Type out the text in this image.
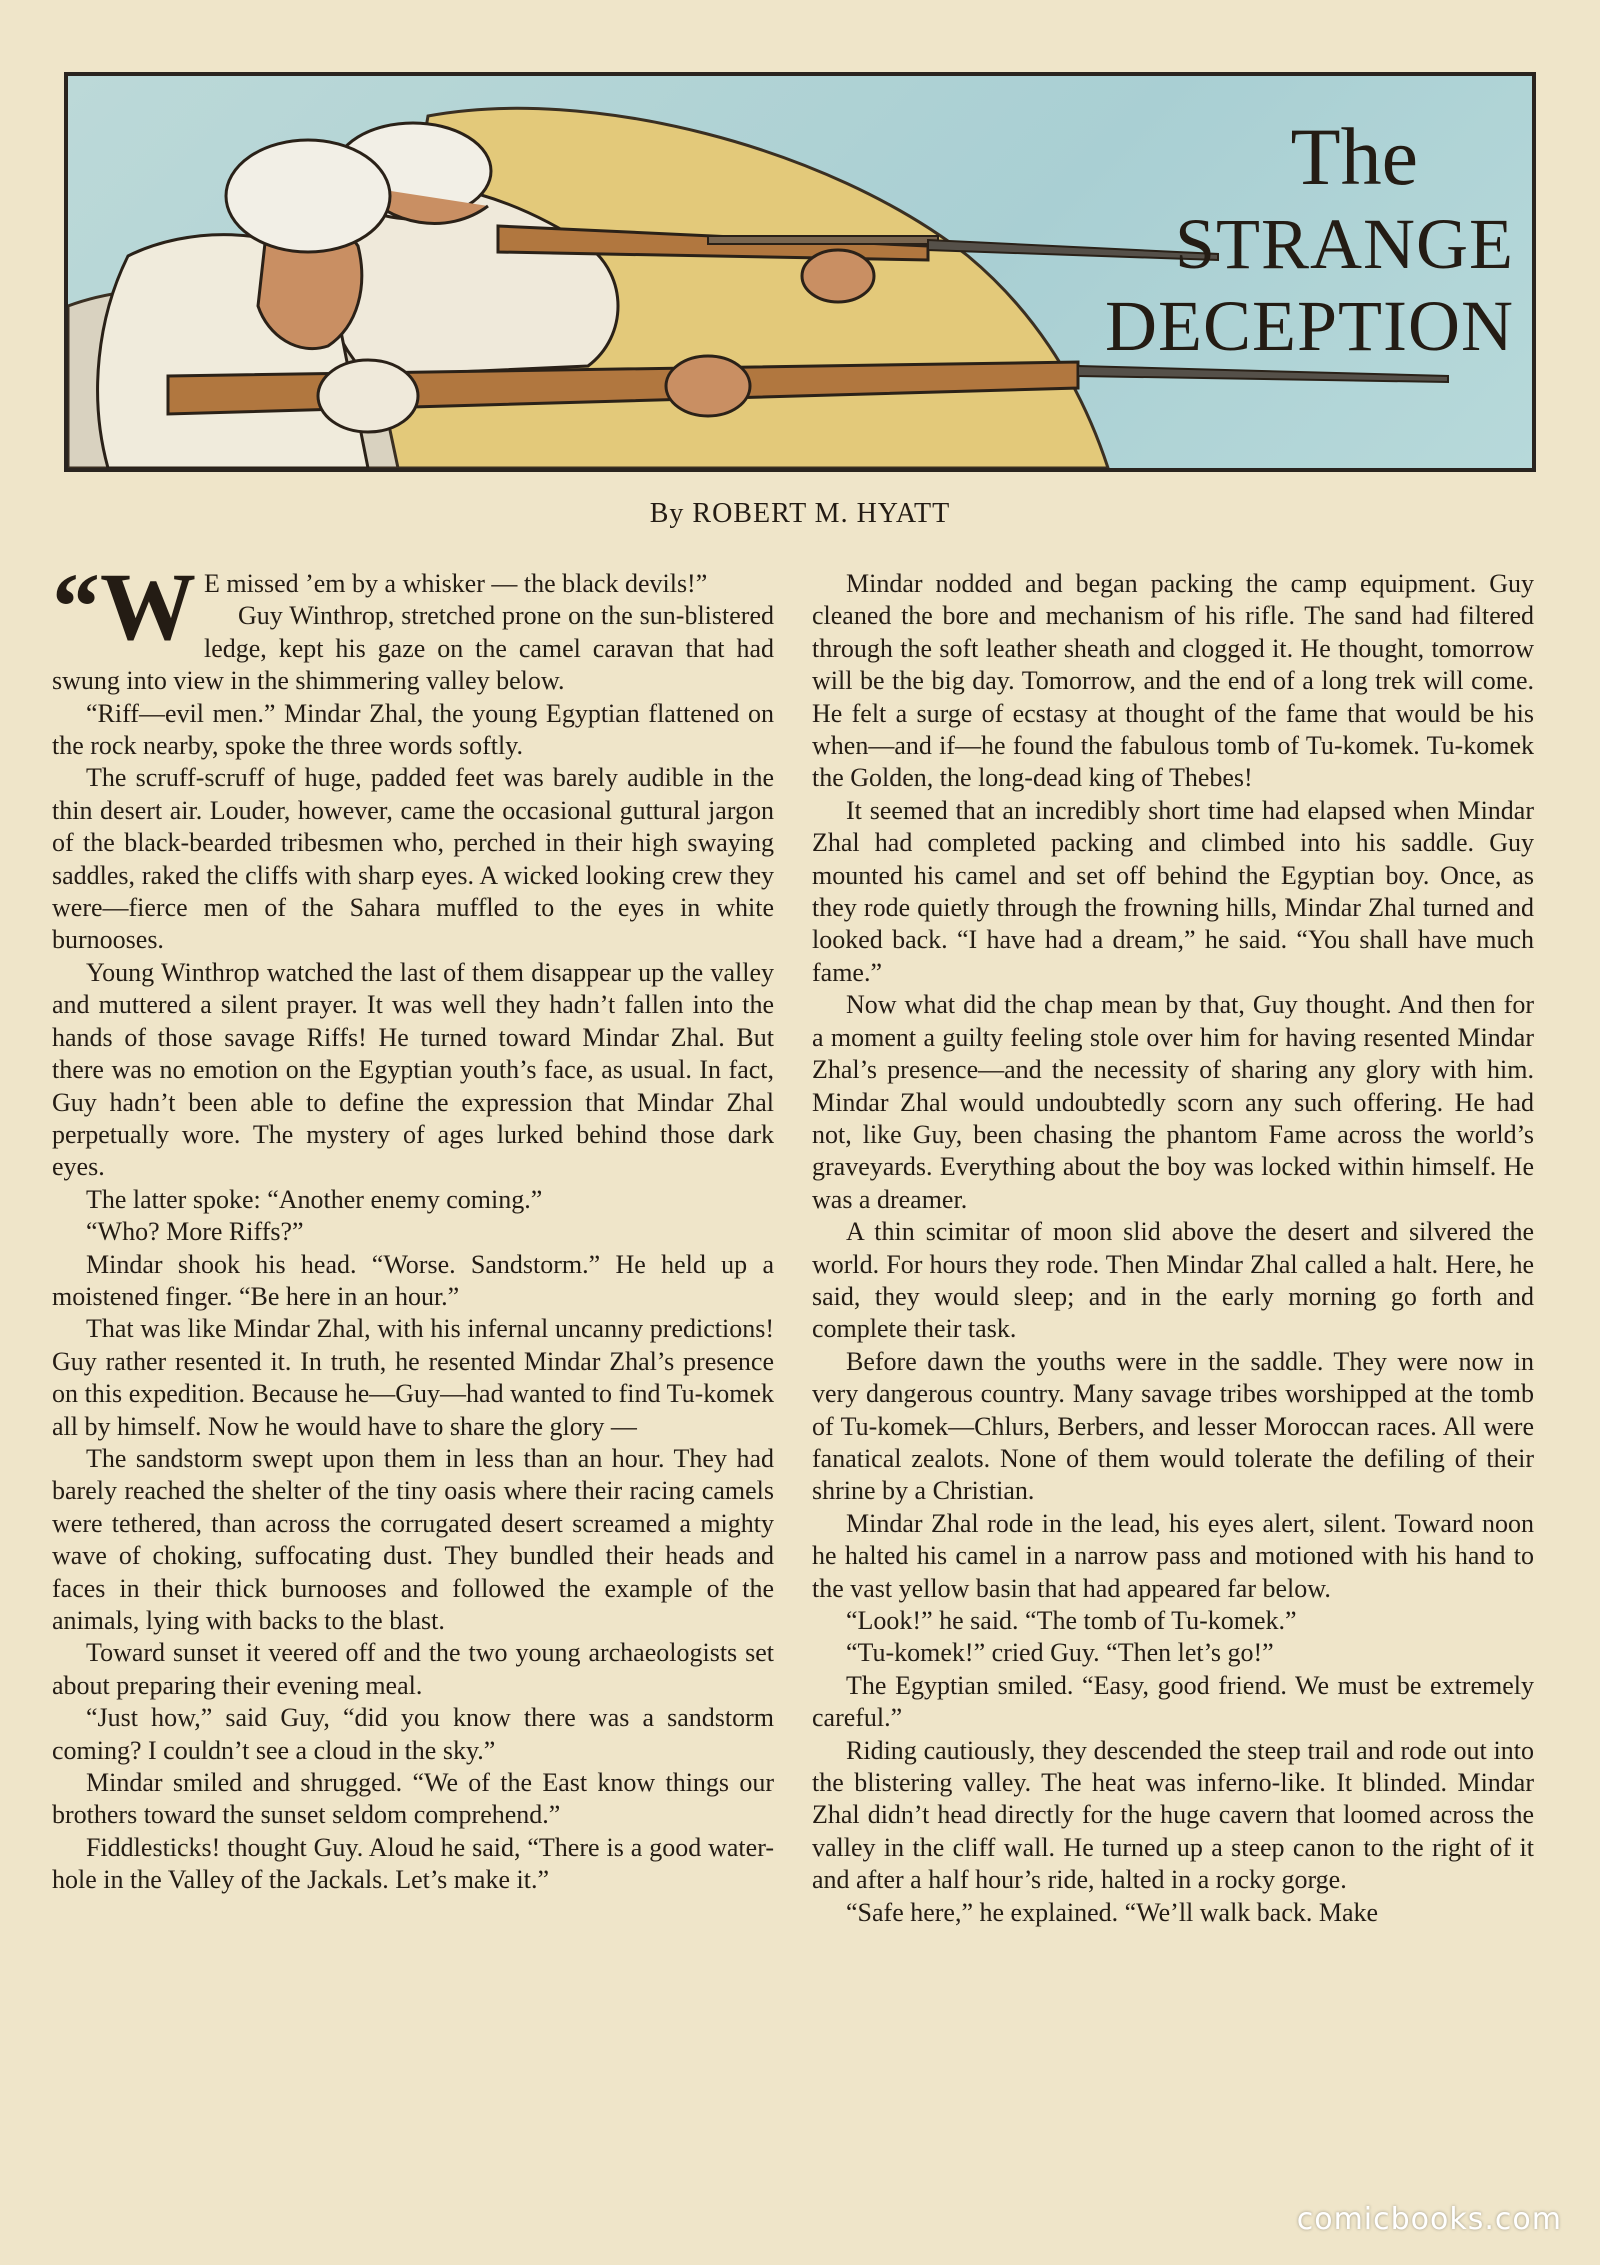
The
STRANGE
DECEPTION
By ROBERT M. HYATT

“W E missed ’em by a whisker — the black devils!”

Guy Winthrop, stretched prone on the sun-blistered ledge, kept his gaze on the camel caravan that had swung into view in the shimmering valley below.

“Riff—evil men.” Mindar Zhal, the young Egyptian flattened on the rock nearby, spoke the three words softly.

The scruff-scruff of huge, padded feet was barely audible in the thin desert air. Louder, however, came the occasional guttural jargon of the black-bearded tribesmen who, perched in their high swaying saddles, raked the cliffs with sharp eyes. A wicked looking crew they were—fierce men of the Sahara muffled to the eyes in white burnooses.

Young Winthrop watched the last of them disappear up the valley and muttered a silent prayer. It was well they hadn’t fallen into the hands of those savage Riffs! He turned toward Mindar Zhal. But there was no emotion on the Egyptian youth’s face, as usual. In fact, Guy hadn’t been able to define the expression that Mindar Zhal perpetually wore. The mystery of ages lurked behind those dark eyes.

The latter spoke: “Another enemy coming.”

“Who? More Riffs?”

Mindar shook his head. “Worse. Sandstorm.” He held up a moistened finger. “Be here in an hour.”

That was like Mindar Zhal, with his infernal uncanny predictions! Guy rather resented it. In truth, he resented Mindar Zhal’s presence on this expedition. Because he—Guy—had wanted to find Tu-komek all by himself. Now he would have to share the glory —

The sandstorm swept upon them in less than an hour. They had barely reached the shelter of the tiny oasis where their racing camels were tethered, than across the corrugated desert screamed a mighty wave of choking, suffocating dust. They bundled their heads and faces in their thick burnooses and followed the example of the animals, lying with backs to the blast.

Toward sunset it veered off and the two young archaeologists set about preparing their evening meal.

“Just how,” said Guy, “did you know there was a sandstorm coming? I couldn’t see a cloud in the sky.”

Mindar smiled and shrugged. “We of the East know things our brothers toward the sunset seldom comprehend.”

Fiddlesticks! thought Guy. Aloud he said, “There is a good water-hole in the Valley of the Jackals. Let’s make it.”

Mindar nodded and began packing the camp equipment. Guy cleaned the bore and mechanism of his rifle. The sand had filtered through the soft leather sheath and clogged it. He thought, tomorrow will be the big day. Tomorrow, and the end of a long trek will come. He felt a surge of ecstasy at thought of the fame that would be his when—and if—he found the fabulous tomb of Tu-komek. Tu-komek the Golden, the long-dead king of Thebes!

It seemed that an incredibly short time had elapsed when Mindar Zhal had completed packing and climbed into his saddle. Guy mounted his camel and set off behind the Egyptian boy. Once, as they rode quietly through the frowning hills, Mindar Zhal turned and looked back. “I have had a dream,” he said. “You shall have much fame.”

Now what did the chap mean by that, Guy thought. And then for a moment a guilty feeling stole over him for having resented Mindar Zhal’s presence—and the necessity of sharing any glory with him. Mindar Zhal would undoubtedly scorn any such offering. He had not, like Guy, been chasing the phantom Fame across the world’s graveyards. Everything about the boy was locked within himself. He was a dreamer.

A thin scimitar of moon slid above the desert and silvered the world. For hours they rode. Then Mindar Zhal called a halt. Here, he said, they would sleep; and in the early morning go forth and complete their task.

Before dawn the youths were in the saddle. They were now in very dangerous country. Many savage tribes worshipped at the tomb of Tu-komek—Chlurs, Berbers, and lesser Moroccan races. All were fanatical zealots. None of them would tolerate the defiling of their shrine by a Christian.

Mindar Zhal rode in the lead, his eyes alert, silent. Toward noon he halted his camel in a narrow pass and motioned with his hand to the vast yellow basin that had appeared far below.

“Look!” he said. “The tomb of Tu-komek.”

“Tu-komek!” cried Guy. “Then let’s go!”

The Egyptian smiled. “Easy, good friend. We must be extremely careful.”

Riding cautiously, they descended the steep trail and rode out into the blistering valley. The heat was inferno-like. It blinded. Mindar Zhal didn’t head directly for the huge cavern that loomed across the valley in the cliff wall. He turned up a steep canon to the right of it and after a half hour’s ride, halted in a rocky gorge.

“Safe here,” he explained. “We’ll walk back. Make

comicbooks.com
